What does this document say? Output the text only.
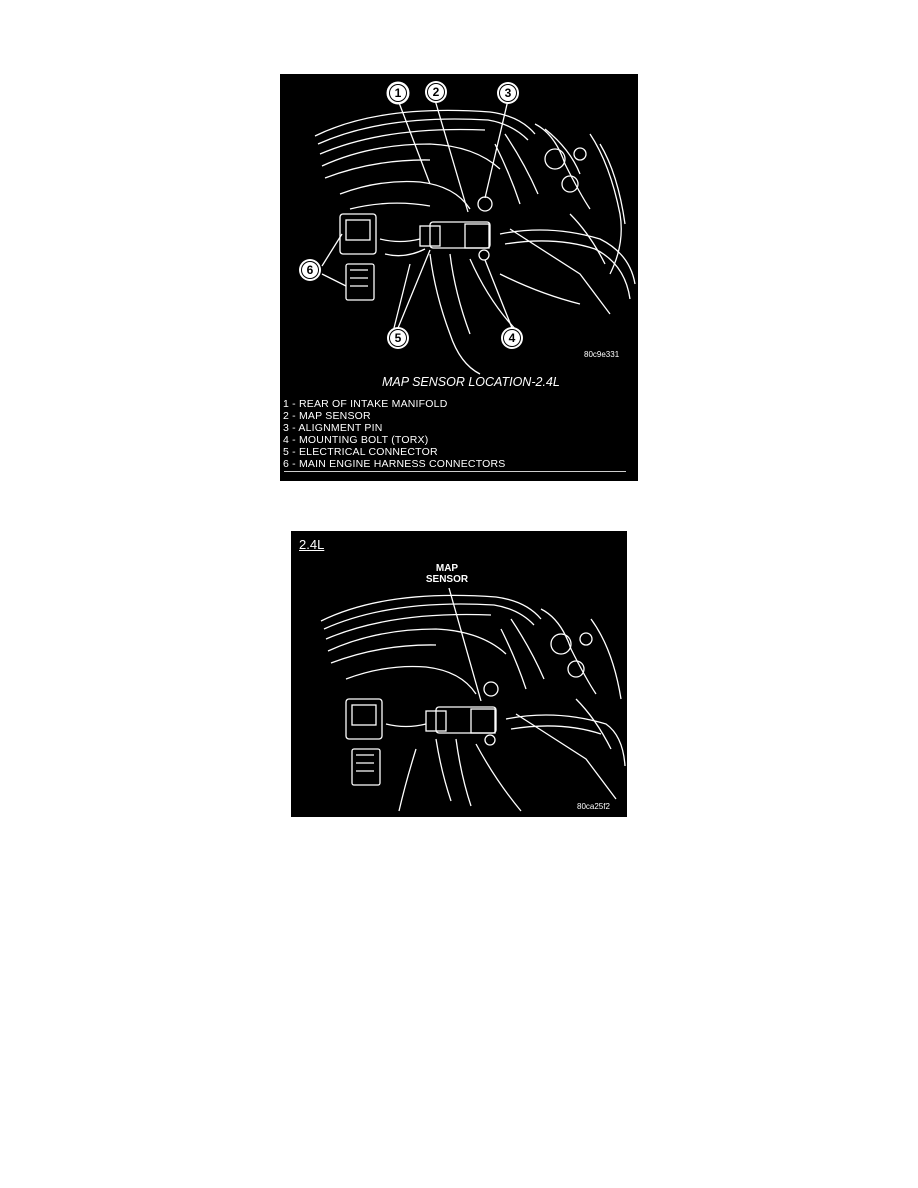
1	2	3
4
5
6
80c9e331
MAP SENSOR LOCATION-2.4L
1 - REAR OF INTAKE MANIFOLD
2 - MAP SENSOR
3 - ALIGNMENT PIN
4 - MOUNTING BOLT (TORX)
5 - ELECTRICAL CONNECTOR
6 - MAIN ENGINE HARNESS CONNECTORS
2.4L
MAP
SENSOR
80ca25f2
